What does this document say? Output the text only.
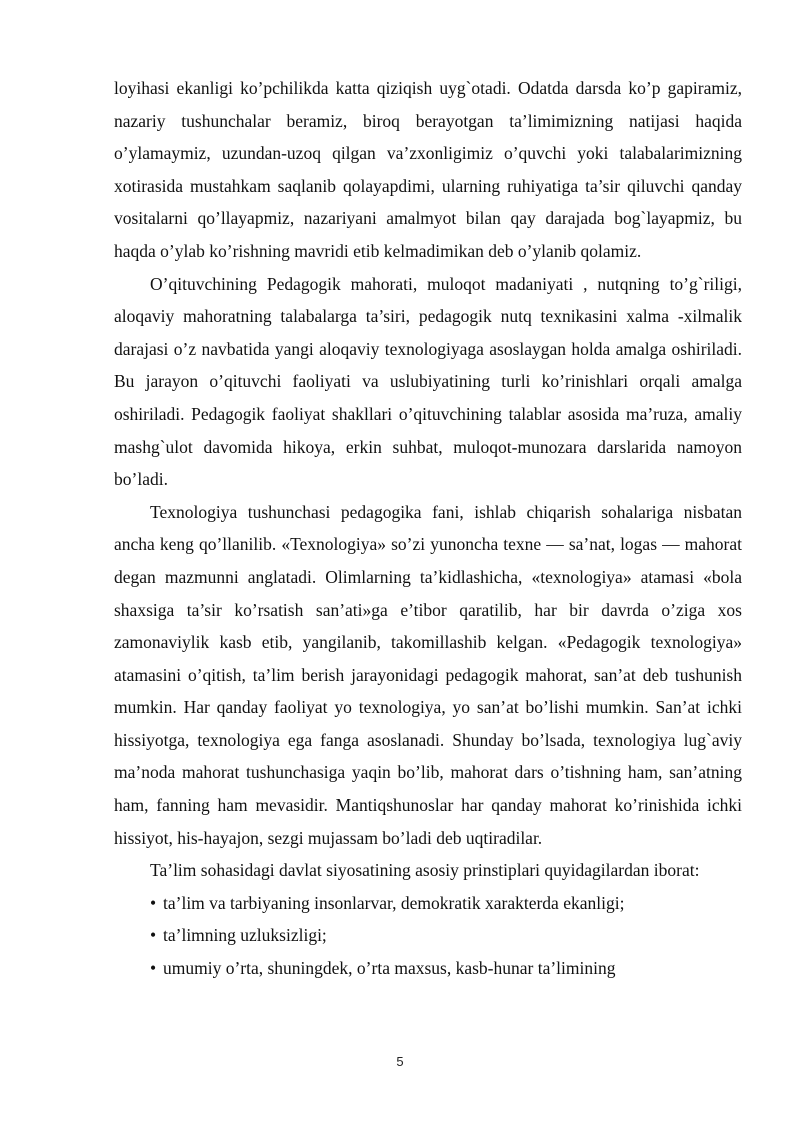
loyihasi ekanligi ko’pchilikda katta qiziqish uyg`otadi. Odatda darsda ko’p gapiramiz, nazariy tushunchalar beramiz, biroq berayotgan ta’limimizning natijasi haqida o’ylamaymiz, uzundan-uzoq qilgan va’zxonligimiz o’quvchi yoki talabalarimizning xotirasida mustahkam saqlanib qolayapdimi, ularning ruhiyatiga ta’sir qiluvchi qanday vositalarni qo’llayapmiz, nazariyani amalmyot bilan qay darajada bog`layapmiz, bu haqda o’ylab ko’rishning mavridi etib kelmadimikan deb o’ylanib qolamiz.

O’qituvchining Pedagogik mahorati, muloqot madaniyati , nutqning to’g`riligi, aloqaviy mahoratning talabalarga ta’siri, pedagogik nutq texnikasini xalma -xilmalik darajasi o’z navbatida yangi aloqaviy texnologiyaga asoslaygan holda amalga oshiriladi. Bu jarayon o’qituvchi faoliyati va uslubiyatining turli ko’rinishlari orqali amalga oshiriladi. Pedagogik faoliyat shakllari o’qituvchining talablar asosida ma’ruza, amaliy mashg`ulot davomida hikoya, erkin suhbat, muloqot-munozara darslarida namoyon bo’ladi.

Texnologiya tushunchasi pedagogika fani, ishlab chiqarish sohalariga nisbatan ancha keng qo’llanilib. «Texnologiya» so’zi yunoncha texne — sa’nat, logas — mahorat degan mazmunni anglatadi. Olimlarning ta’kidlashicha, «texnologiya» atamasi «bola shaxsiga ta’sir ko’rsatish san’ati»ga e’tibor qaratilib, har bir davrda o’ziga xos zamonaviylik kasb etib, yangilanib, takomillashib kelgan. «Pedagogik texnologiya» atamasini o’qitish, ta’lim berish jarayonidagi pedagogik mahorat, san’at deb tushunish mumkin. Har qanday faoliyat yo texnologiya, yo san’at bo’lishi mumkin. San’at ichki hissiyotga, texnologiya ega fanga asoslanadi. Shunday bo’lsada, texnologiya lug`aviy ma’noda mahorat tushunchasiga yaqin bo’lib, mahorat dars o’tishning ham, san’atning ham, fanning ham mevasidir. Mantiqshunoslar har qanday mahorat ko’rinishida ichki hissiyot, his-hayajon, sezgi mujassam bo’ladi deb uqtiradilar.

Ta’lim sohasidagi davlat siyosatining asosiy prinstiplari quyidagilardan iborat:

• ta’lim va tarbiyaning insonlarvar, demokratik xarakterda ekanligi;
• ta’limning uzluksizligi;
• umumiy o’rta, shuningdek, o’rta maxsus, kasb-hunar ta’limining
5
